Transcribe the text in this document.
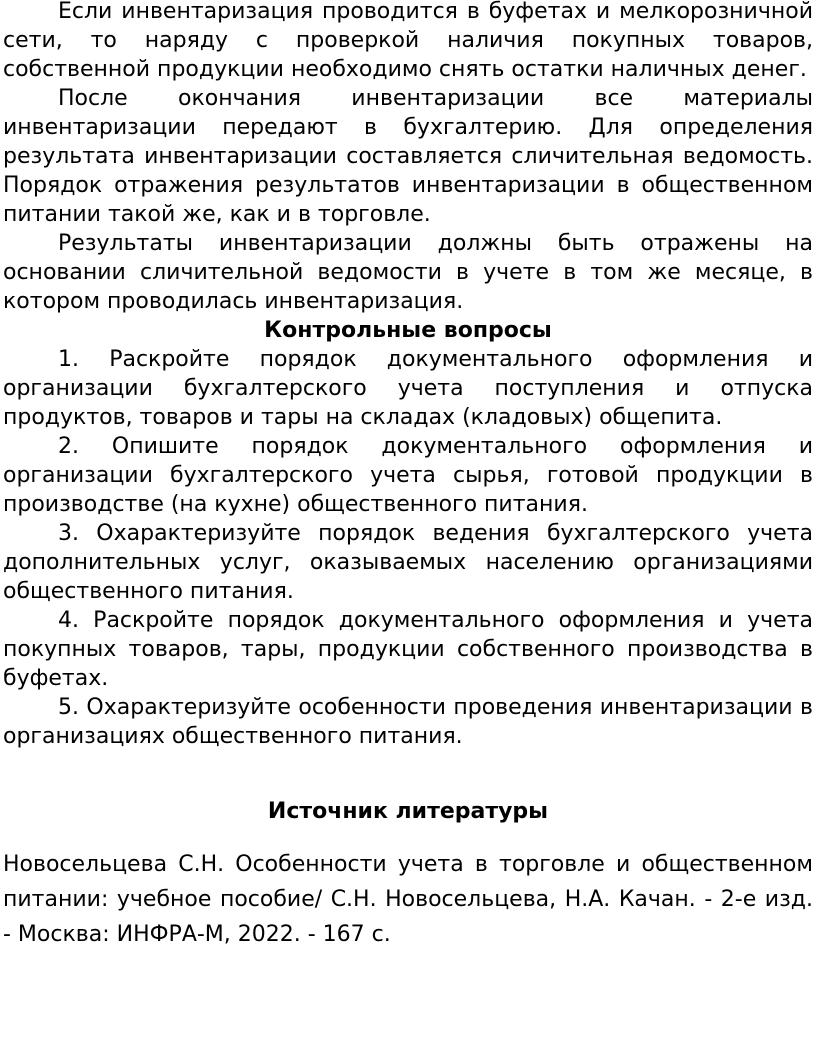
Если инвентаризация проводится в буфетах и мелкорозничной сети, то наряду с проверкой наличия покупных товаров, собственной продукции необходимо снять остатки наличных денег.

После окончания инвентаризации все материалы инвентаризации передают в бухгалтерию. Для определения результата инвентаризации составляется сличительная ведомость. Порядок отражения результатов инвентаризации в общественном питании такой же, как и в торговле.

Результаты инвентаризации должны быть отражены на основании сличительной ведомости в учете в том же месяце, в котором проводилась инвентаризация.

Контрольные вопросы

1. Раскройте порядок документального оформления и организации бухгалтерского учета поступления и отпуска продуктов, товаров и тары на складах (кладовых) общепита.

2. Опишите порядок документального оформления и организации бухгалтерского учета сырья, готовой продукции в производстве (на кухне) общественного питания.

3. Охарактеризуйте порядок ведения бухгалтерского учета дополнительных услуг, оказываемых населению организациями общественного питания.

4. Раскройте порядок документального оформления и учета покупных товаров, тары, продукции собственного производства в буфетах.

5. Охарактеризуйте особенности проведения инвентаризации в организациях общественного питания.

Источник литературы

Новосельцева С.Н. Особенности учета в торговле и общественном питании: учебное пособие/ С.Н. Новосельцева, Н.А. Качан. - 2-е изд. - Москва: ИНФРА-М, 2022. - 167 с.
